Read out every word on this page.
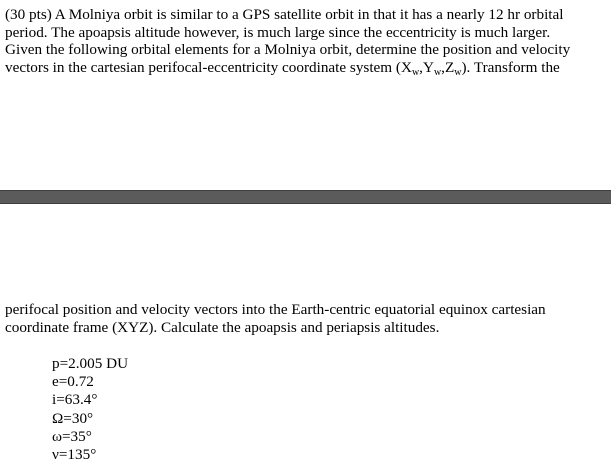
(30 pts) A Molniya orbit is similar to a GPS satellite orbit in that it has a nearly 12 hr orbital
period. The apoapsis altitude however, is much large since the eccentricity is much larger.
Given the following orbital elements for a Molniya orbit, determine the position and velocity
vectors in the cartesian perifocal-eccentricity coordinate system $(X_w,Y_w,Z_w)$. Transform the

perifocal position and velocity vectors into the Earth-centric equatorial equinox cartesian
coordinate frame (XYZ). Calculate the apoapsis and periapsis altitudes.

p=2.005 DU
e=0.72
i=63.4°
Ω=30°
ω=35°
ν=135°
